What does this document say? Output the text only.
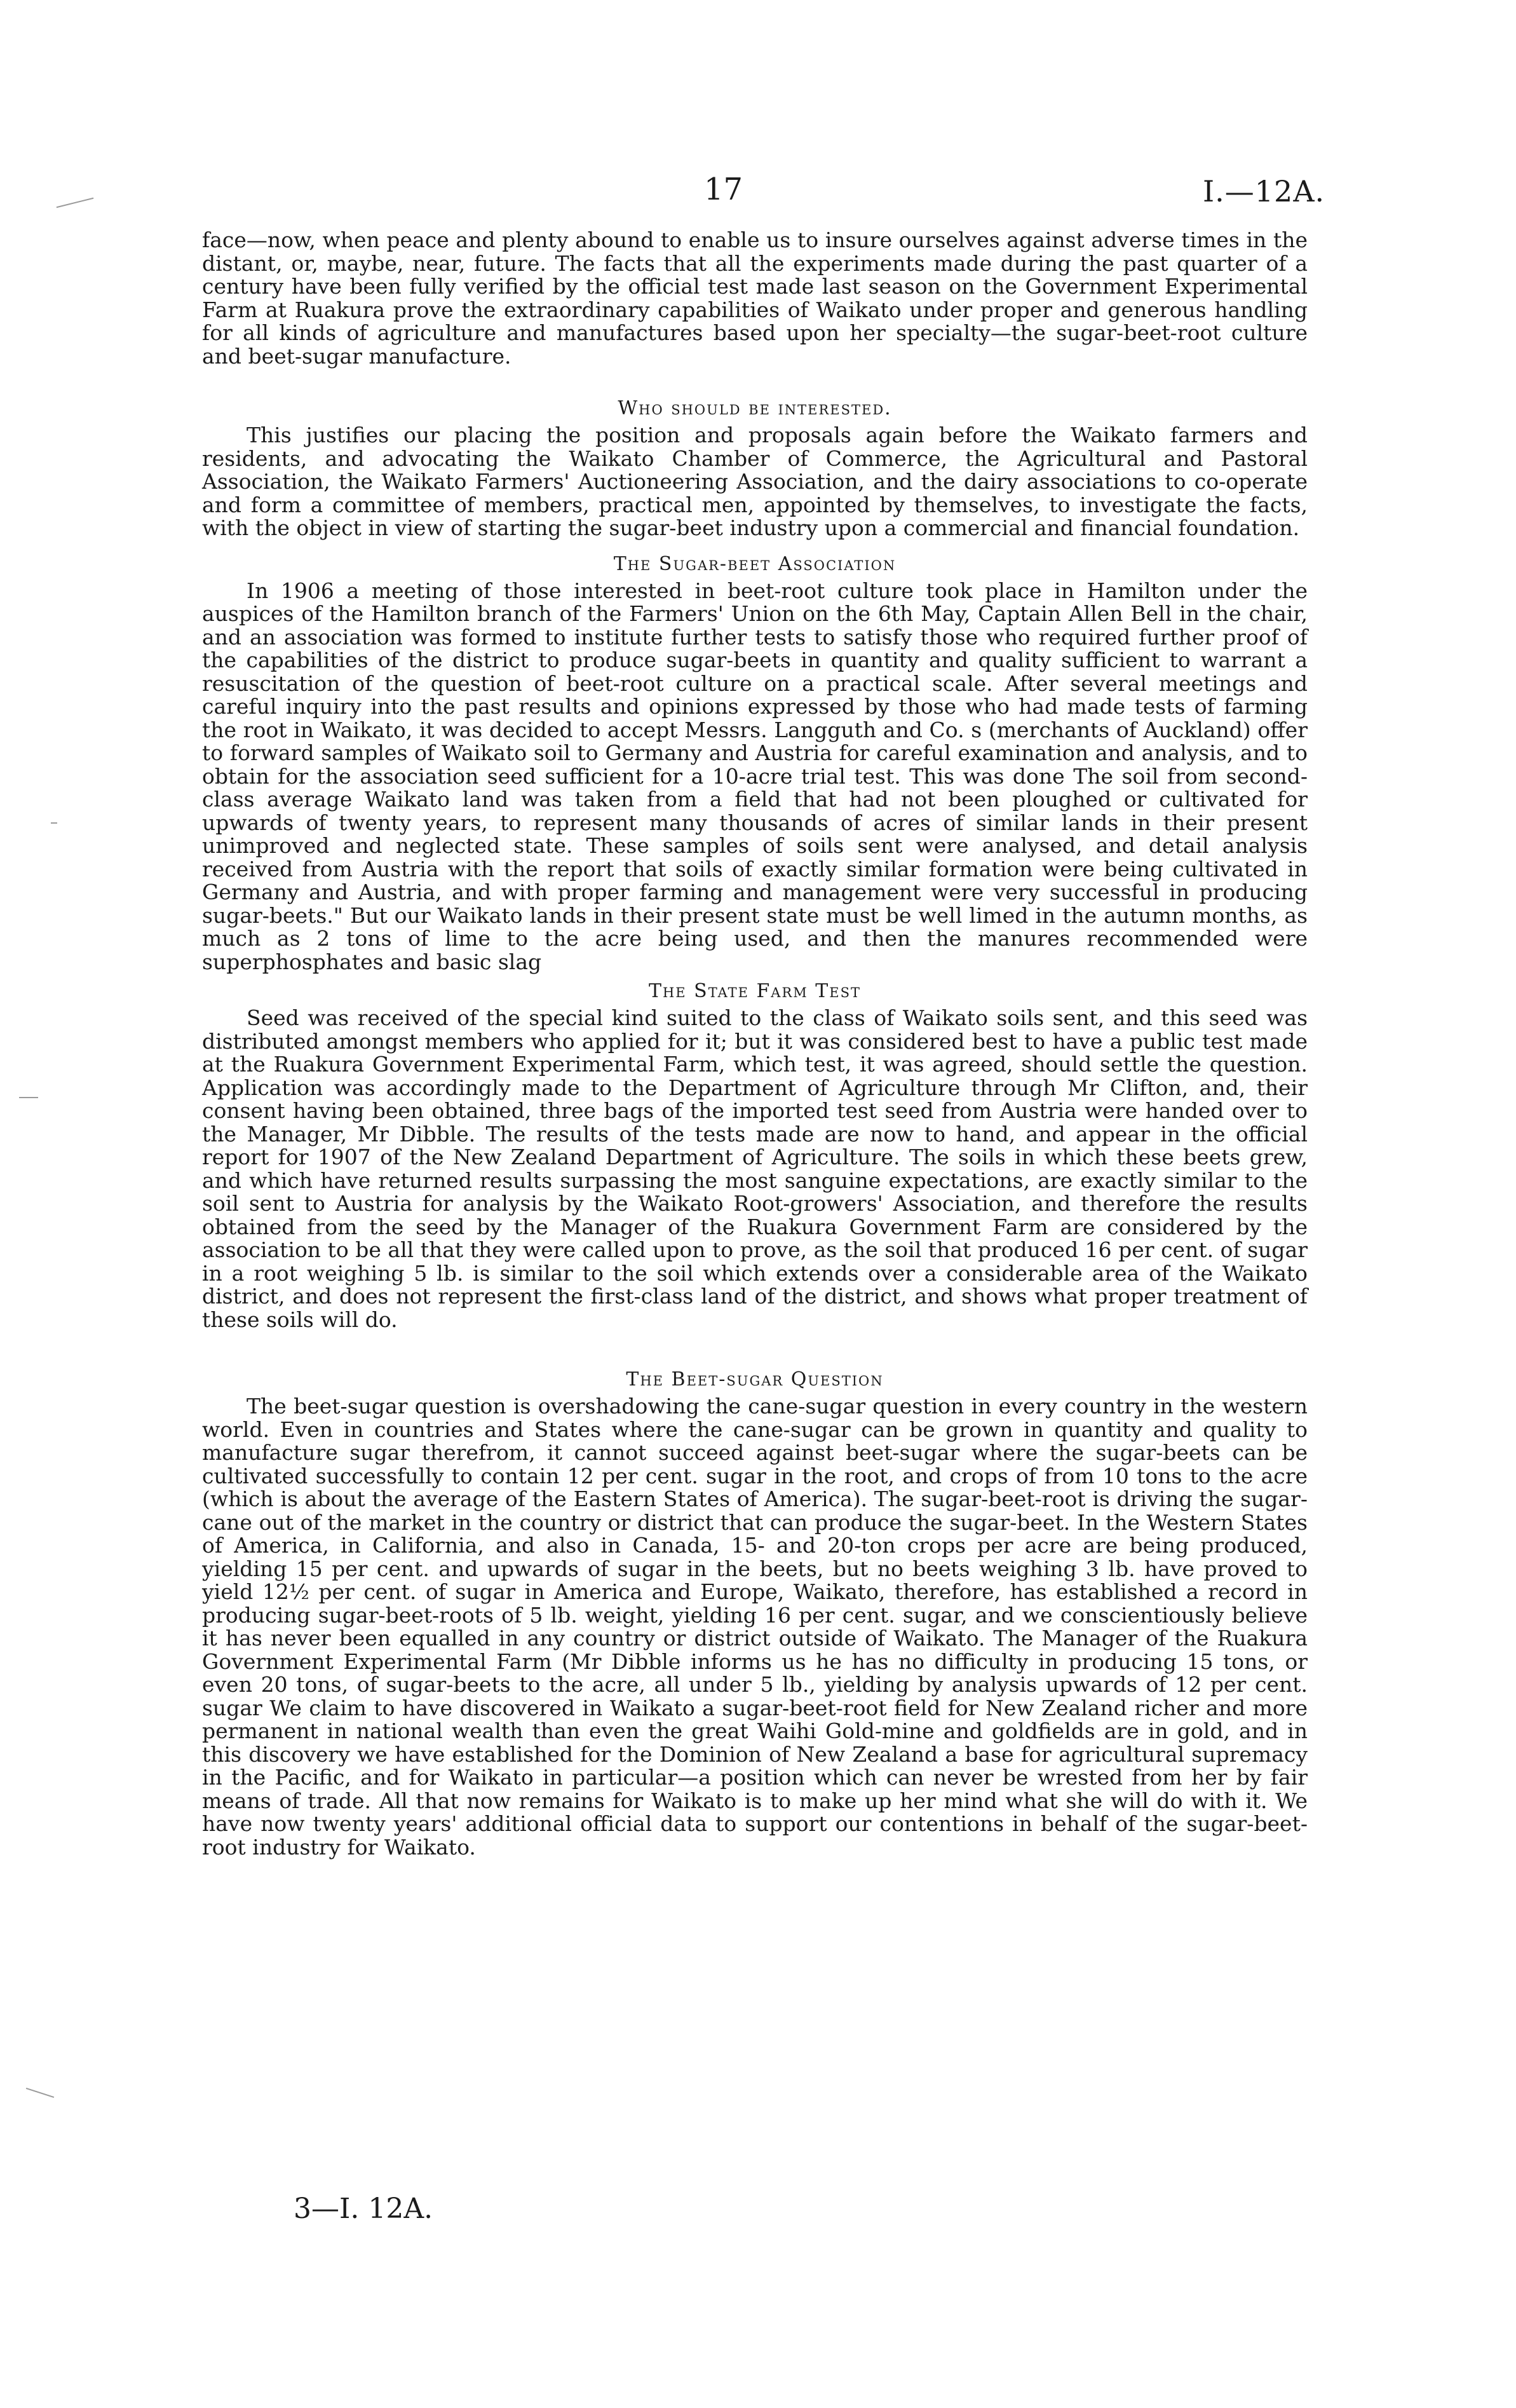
17	I.—12A.

face—now, when peace and plenty abound to enable us to insure ourselves against adverse times in the distant, or, maybe, near, future. The facts that all the experiments made during the past quarter of a century have been fully verified by the official test made last season on the Government Experimental Farm at Ruakura prove the extraordinary capabilities of Waikato under proper and generous handling for all kinds of agriculture and manufactures based upon her specialty—the sugar-beet-root culture and beet-sugar manufacture.

Who should be interested.

This justifies our placing the position and proposals again before the Waikato farmers and residents, and advocating the Waikato Chamber of Commerce, the Agricultural and Pastoral Association, the Waikato Farmers' Auctioneering Association, and the dairy associations to co-operate and form a committee of members, practical men, appointed by themselves, to investigate the facts, with the object in view of starting the sugar-beet industry upon a commercial and financial foundation.

The Sugar-beet Association

In 1906 a meeting of those interested in beet-root culture took place in Hamilton under the auspices of the Hamilton branch of the Farmers' Union on the 6th May, Captain Allen Bell in the chair, and an association was formed to institute further tests to satisfy those who required further proof of the capabilities of the district to produce sugar-beets in quantity and quality sufficient to warrant a resuscitation of the question of beet-root culture on a practical scale. After several meetings and careful inquiry into the past results and opinions expressed by those who had made tests of farming the root in Waikato, it was decided to accept Messrs. Langguth and Co. s (merchants of Auckland) offer to forward samples of Waikato soil to Germany and Austria for careful examination and analysis, and to obtain for the association seed sufficient for a 10-acre trial test. This was done The soil from second-class average Waikato land was taken from a field that had not been ploughed or cultivated for upwards of twenty years, to represent many thousands of acres of similar lands in their present unimproved and neglected state. These samples of soils sent were analysed, and detail analysis received from Austria with the report that soils of exactly similar formation were being cultivated in Germany and Austria, and with proper farming and management were very successful in producing sugar-beets." But our Waikato lands in their present state must be well limed in the autumn months, as much as 2 tons of lime to the acre being used, and then the manures recommended were superphosphates and basic slag

The State Farm Test

Seed was received of the special kind suited to the class of Waikato soils sent, and this seed was distributed amongst members who applied for it; but it was considered best to have a public test made at the Ruakura Government Experimental Farm, which test, it was agreed, should settle the question. Application was accordingly made to the Department of Agriculture through Mr Clifton, and, their consent having been obtained, three bags of the imported test seed from Austria were handed over to the Manager, Mr Dibble. The results of the tests made are now to hand, and appear in the official report for 1907 of the New Zealand Department of Agriculture. The soils in which these beets grew, and which have returned results surpassing the most sanguine expectations, are exactly similar to the soil sent to Austria for analysis by the Waikato Root-growers' Association, and therefore the results obtained from the seed by the Manager of the Ruakura Government Farm are considered by the association to be all that they were called upon to prove, as the soil that produced 16 per cent. of sugar in a root weighing 5 lb. is similar to the soil which extends over a considerable area of the Waikato district, and does not represent the first-class land of the district, and shows what proper treatment of these soils will do.

The Beet-sugar Question

The beet-sugar question is overshadowing the cane-sugar question in every country in the western world. Even in countries and States where the cane-sugar can be grown in quantity and quality to manufacture sugar therefrom, it cannot succeed against beet-sugar where the sugar-beets can be cultivated successfully to contain 12 per cent. sugar in the root, and crops of from 10 tons to the acre (which is about the average of the Eastern States of America). The sugar-beet-root is driving the sugar-cane out of the market in the country or district that can produce the sugar-beet. In the Western States of America, in California, and also in Canada, 15- and 20-ton crops per acre are being produced, yielding 15 per cent. and upwards of sugar in the beets, but no beets weighing 3 lb. have proved to yield 12½ per cent. of sugar in America and Europe, Waikato, therefore, has established a record in producing sugar-beet-roots of 5 lb. weight, yielding 16 per cent. sugar, and we conscientiously believe it has never been equalled in any country or district outside of Waikato. The Manager of the Ruakura Government Experimental Farm (Mr Dibble informs us he has no difficulty in producing 15 tons, or even 20 tons, of sugar-beets to the acre, all under 5 lb., yielding by analysis upwards of 12 per cent. sugar We claim to have discovered in Waikato a sugar-beet-root field for New Zealand richer and more permanent in national wealth than even the great Waihi Gold-mine and goldfields are in gold, and in this discovery we have established for the Dominion of New Zealand a base for agricultural supremacy in the Pacific, and for Waikato in particular—a position which can never be wrested from her by fair means of trade. All that now remains for Waikato is to make up her mind what she will do with it. We have now twenty years' additional official data to support our contentions in behalf of the sugar-beet-root industry for Waikato.

3—I. 12A.
